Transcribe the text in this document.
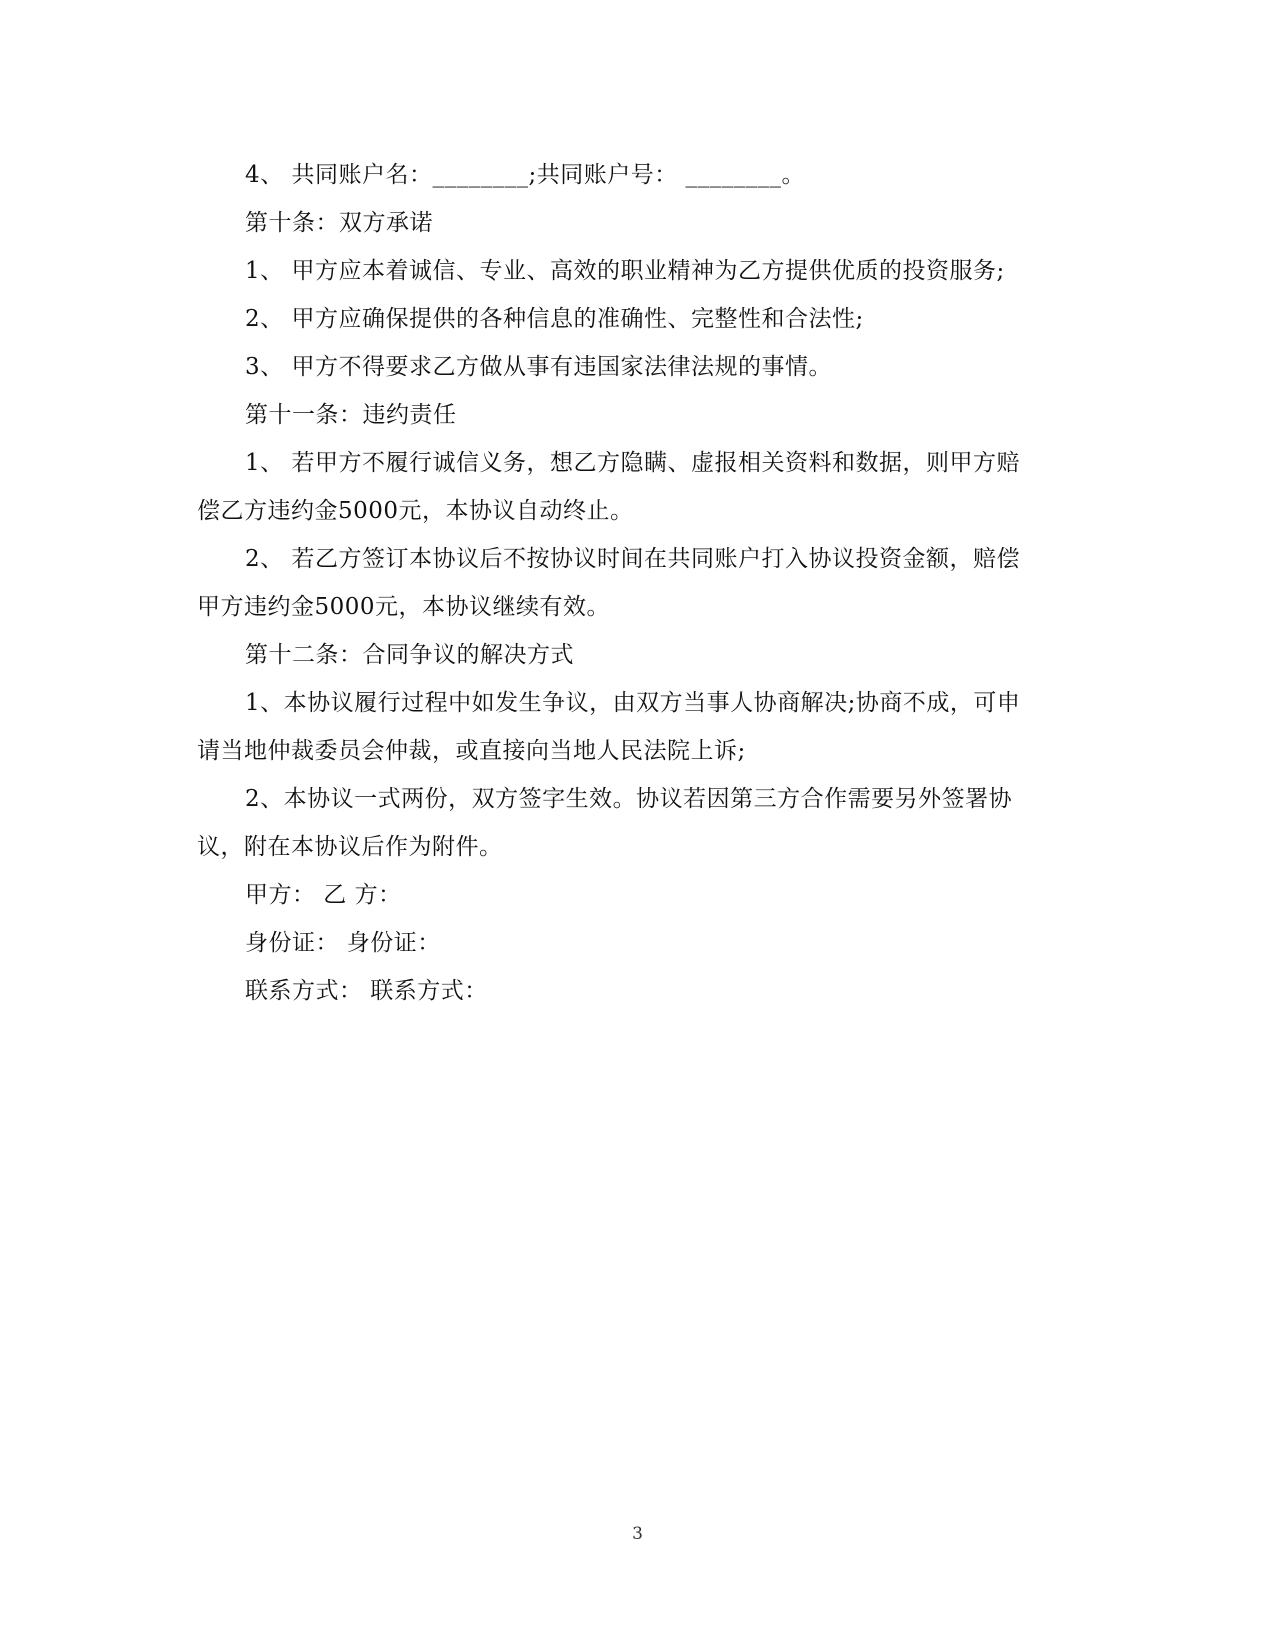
4、 共同账户名：________;共同账户号： ________。
第十条：双方承诺
1、 甲方应本着诚信、专业、高效的职业精神为乙方提供优质的投资服务;
2、 甲方应确保提供的各种信息的准确性、完整性和合法性;
3、 甲方不得要求乙方做从事有违国家法律法规的事情。
第十一条：违约责任
1、 若甲方不履行诚信义务，想乙方隐瞒、虚报相关资料和数据，则甲方赔
偿乙方违约金5000元，本协议自动终止。
2、 若乙方签订本协议后不按协议时间在共同账户打入协议投资金额，赔偿
甲方违约金5000元，本协议继续有效。
第十二条：合同争议的解决方式
1、本协议履行过程中如发生争议，由双方当事人协商解决;协商不成，可申
请当地仲裁委员会仲裁，或直接向当地人民法院上诉;
2、本协议一式两份，双方签字生效。协议若因第三方合作需要另外签署协
议，附在本协议后作为附件。
甲方： 乙 方：
身份证： 身份证：
联系方式： 联系方式：
3
